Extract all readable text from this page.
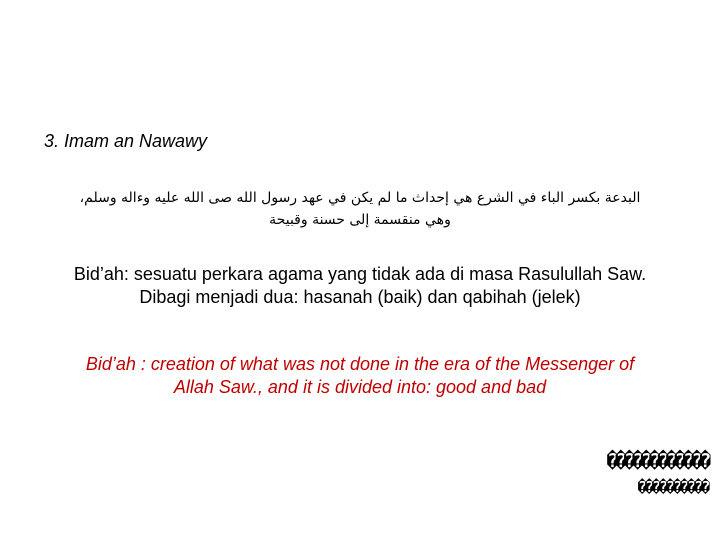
3. Imam an Nawawy
البدعة بكسر الباء في الشرع هي إحداث ما لم يكن في عهد رسول الله صى الله عليه وءاله وسلم،
وهي منقسمة إلى حسنة وقبيحة
Bid’ah: sesuatu perkara agama yang tidak ada di masa Rasulullah Saw.
Dibagi menjadi dua: hasanah (baik) dan qabihah (jelek)
Bid’ah : creation of what was not done in the era of the Messenger of
Allah Saw., and it is divided into: good and bad
������������
����������
